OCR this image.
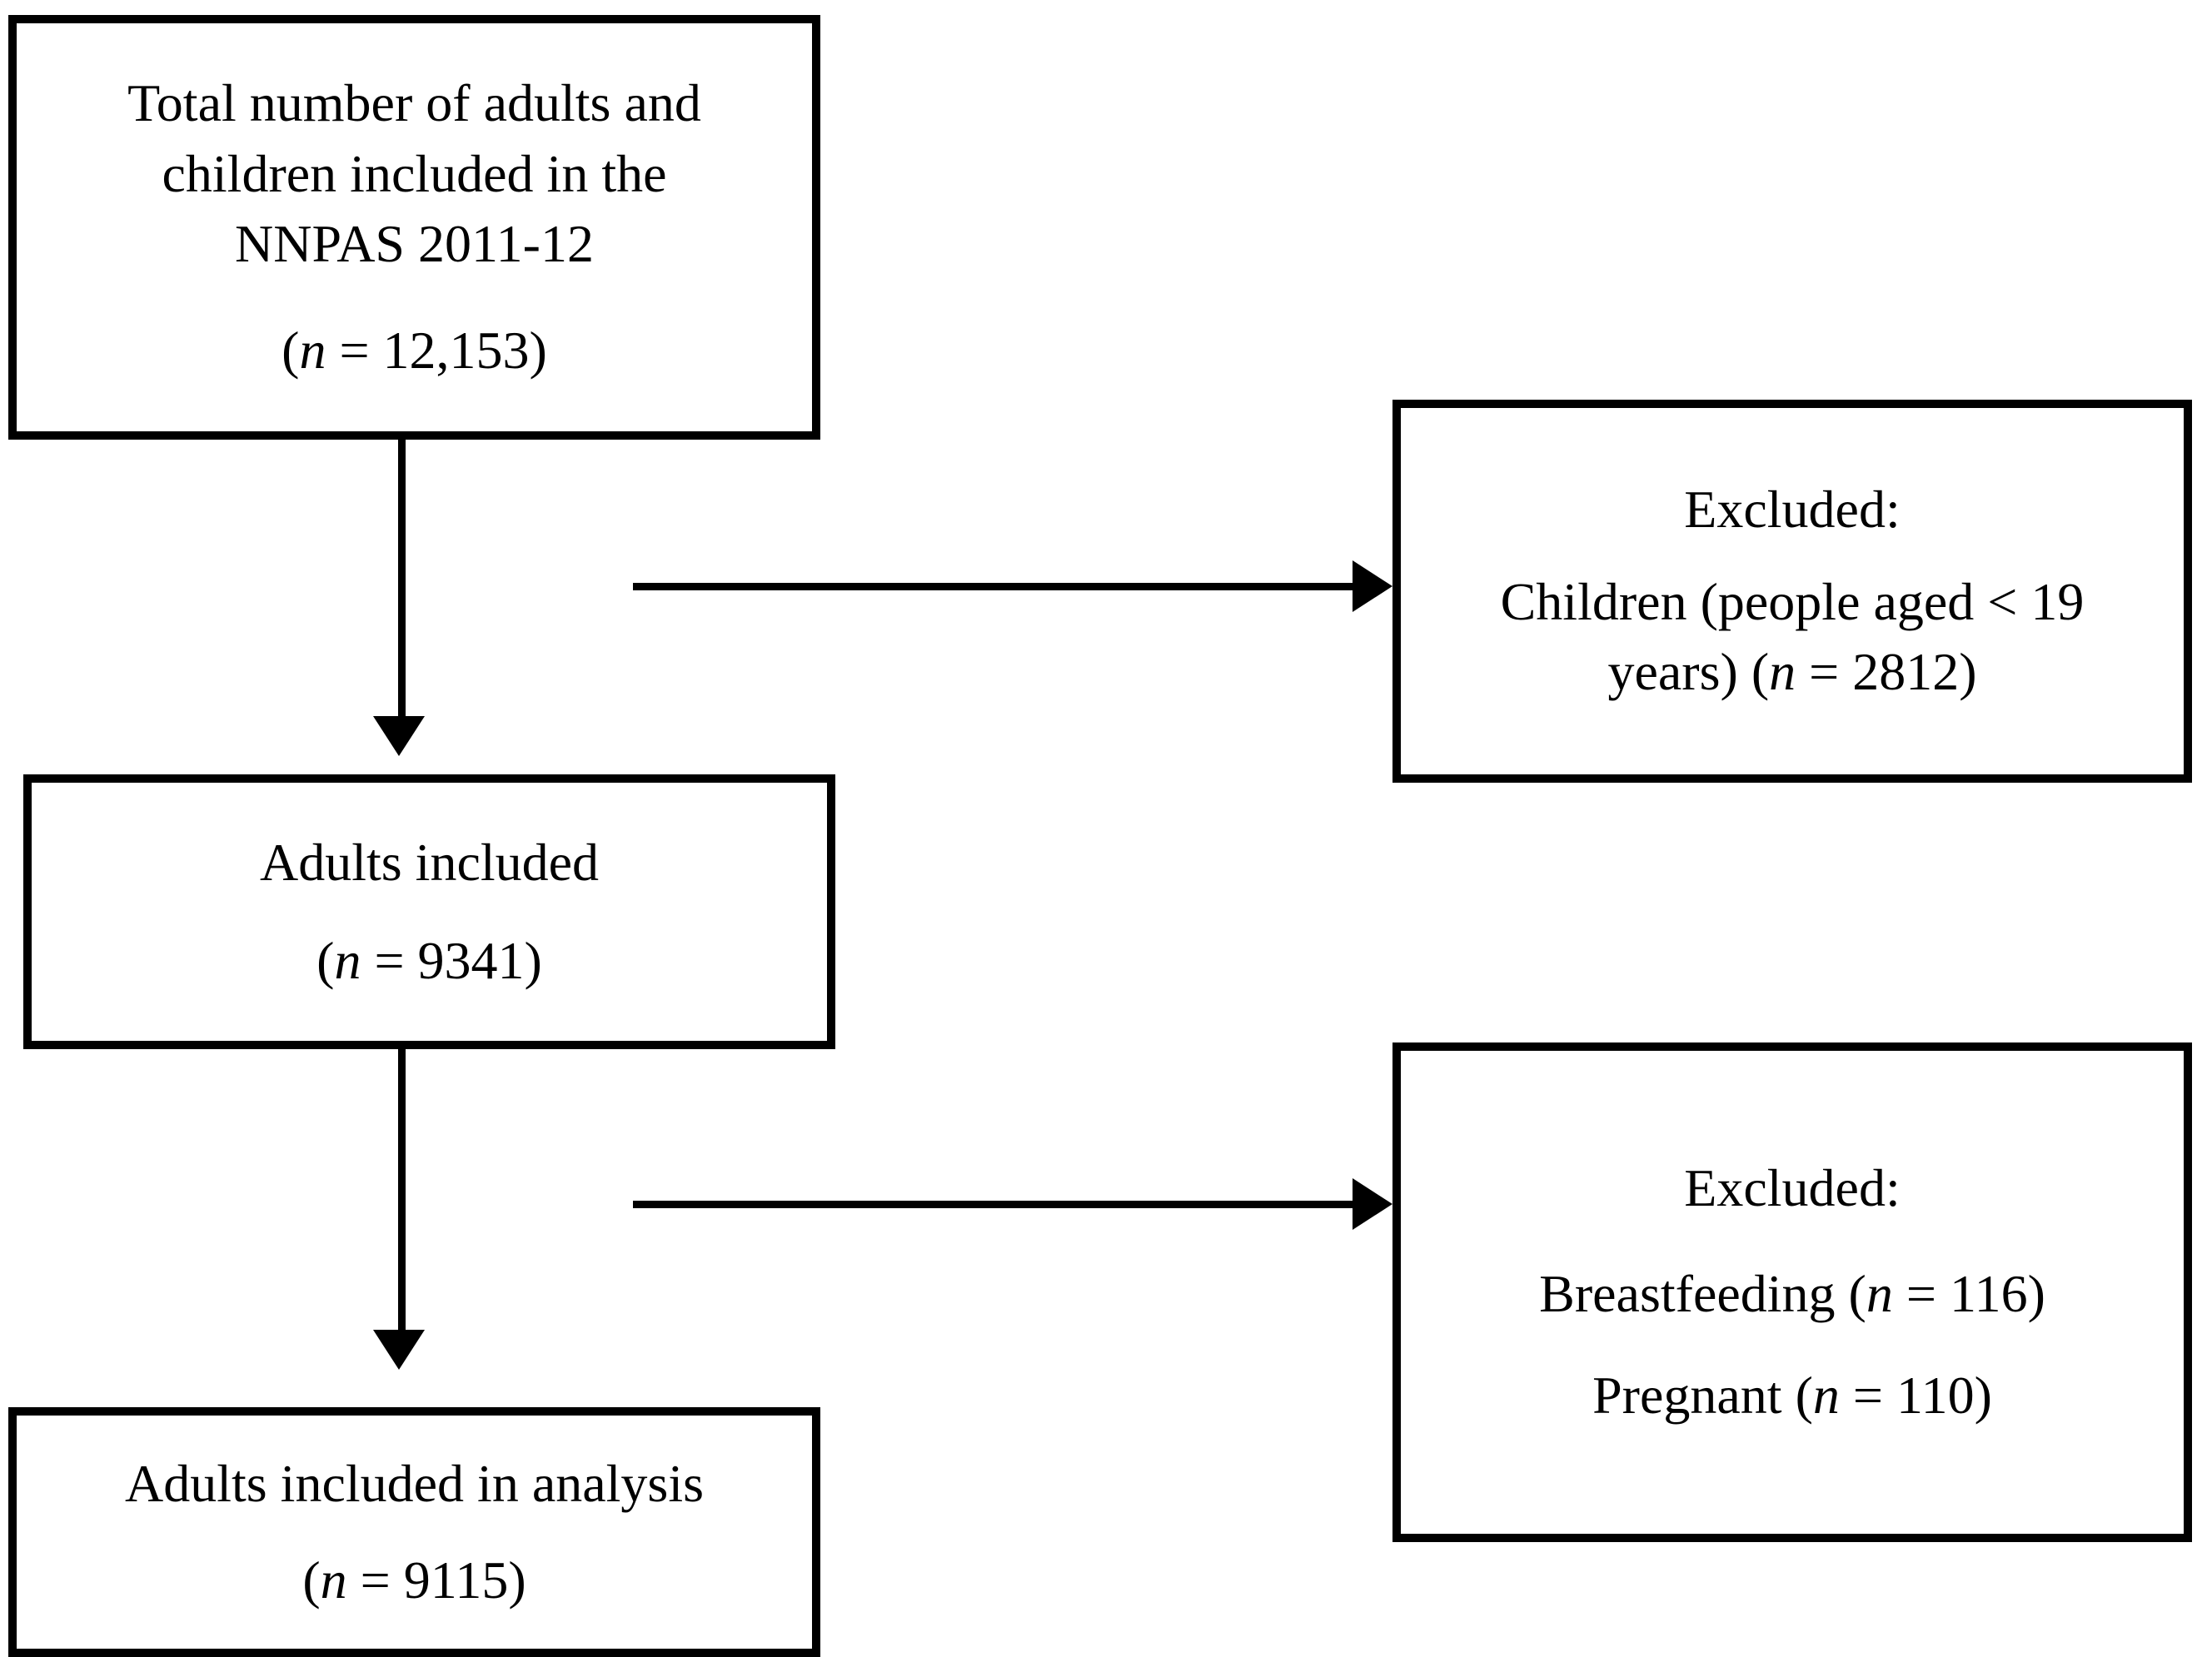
Total number of adults and
children included in the
NNPAS 2011-12
(n = 12,153)
Excluded:
Children (people aged < 19
years) (n = 2812)
Adults included
(n = 9341)
Excluded:
Breastfeeding (n = 116)
Pregnant (n = 110)
Adults included in analysis
(n = 9115)
